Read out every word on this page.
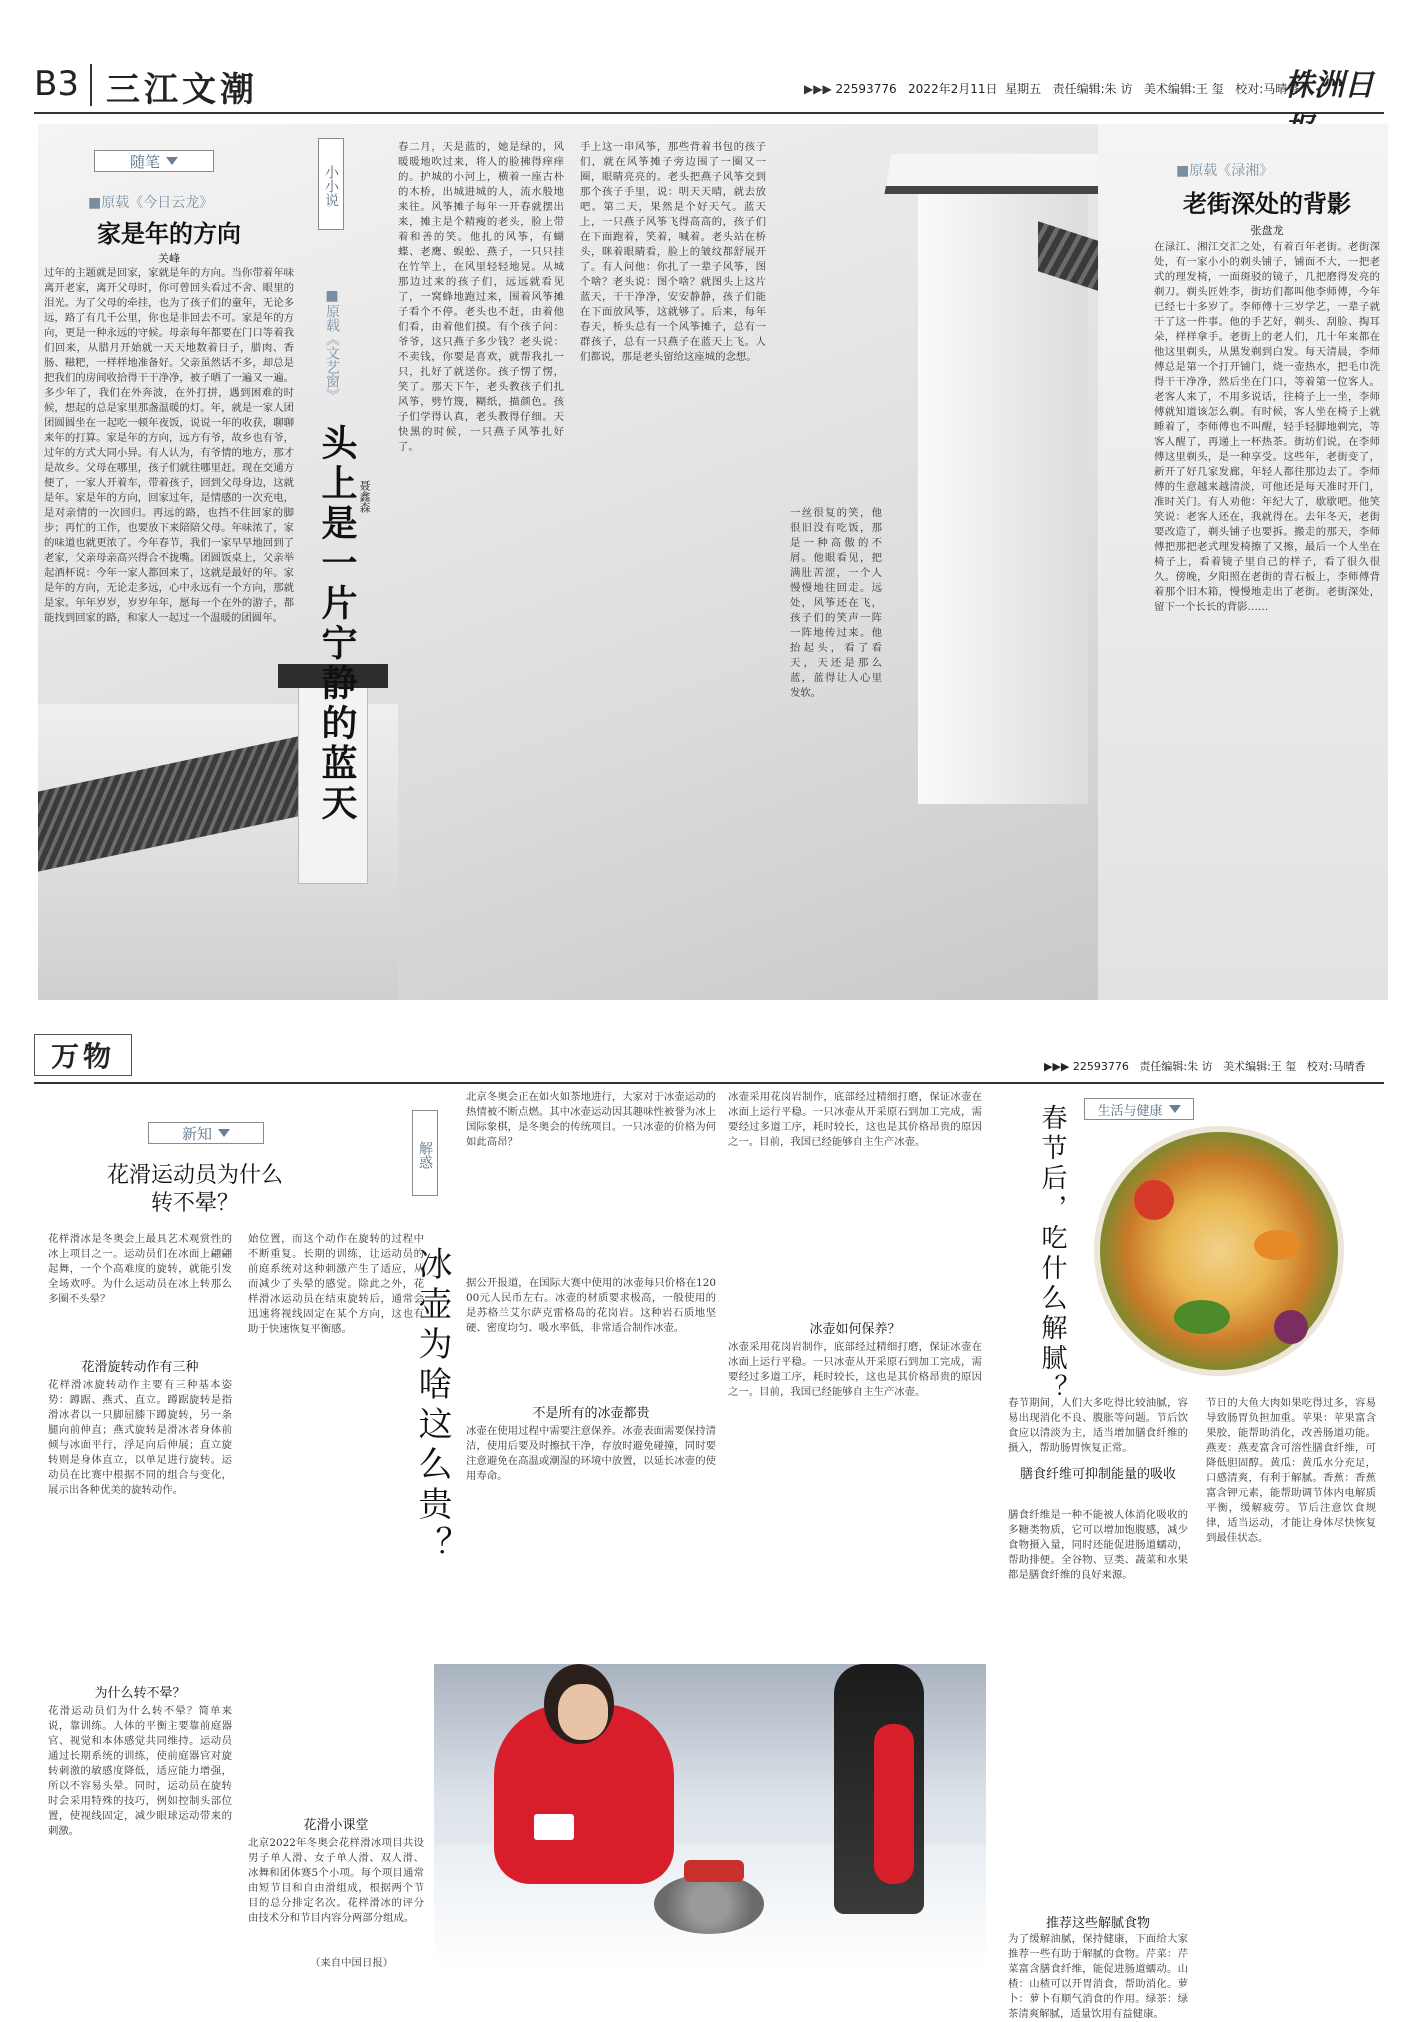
B3 三江文潮	▶▶▶ 22593776 2022年2月11日 星期五 责任编辑:朱 访 美术编辑:王 玺 校对:马晴香
株洲日
随笔
■原载《今日云龙》
家是年的方向
关峰
过年的主题就是回家，家就是年的方向。当你带着年味离开老家，离开父母时，你可曾回头看过不舍、眼里的泪光。为了父母的牵挂，也为了孩子们的童年，无论多远，路了有几千公里，你也是非回去不可。家是年的方向，更是一种永远的守候。母亲每年都要在门口等着我们回来，从腊月开始就一天天地数着日子，腊肉、香肠、糍粑，一样样地准备好。父亲虽然话不多，却总是把我们的房间收拾得干干净净，被子晒了一遍又一遍。多少年了，我们在外奔波，在外打拼，遇到困难的时候，想起的总是家里那盏温暖的灯。年，就是一家人团团圆圆坐在一起吃一顿年夜饭，说说一年的收获，聊聊来年的打算。家是年的方向，远方有爷，故乡也有爷，过年的方式大同小异。有人认为，有爷情的地方，那才是故乡。父母在哪里，孩子们就往哪里赶。现在交通方便了，一家人开着车，带着孩子，回到父母身边，这就是年。家是年的方向，回家过年，是情感的一次充电，是对亲情的一次回归。再远的路，也挡不住回家的脚步；再忙的工作，也要放下来陪陪父母。年味浓了，家的味道也就更浓了。今年春节，我们一家早早地回到了老家，父亲母亲高兴得合不拢嘴。团圆饭桌上，父亲举起酒杯说：今年一家人都回来了，这就是最好的年。家是年的方向，无论走多远，心中永远有一个方向，那就是家。年年岁岁，岁岁年年，愿每一个在外的游子，都能找到回家的路，和家人一起过一个温暖的团圆年。
小小说
■原载《文艺窗》
头上是一片宁静的蓝天 聂鑫森
春二月，天是蓝的，她是绿的，风暖暖地吹过来，将人的脸拂得痒痒的。护城的小河上，横着一座古朴的木桥，出城进城的人，流水般地来往。风筝摊子每年一开春就摆出来，摊主是个精瘦的老头，脸上带着和善的笑。他扎的风筝，有蝴蝶、老鹰、蜈蚣、燕子，一只只挂在竹竿上，在风里轻轻地晃。从城那边过来的孩子们，远远就看见了，一窝蜂地跑过来，围着风筝摊子看个不停。老头也不赶，由着他们看，由着他们摸。有个孩子问：爷爷，这只燕子多少钱？老头说：不卖钱，你要是喜欢，就帮我扎一只，扎好了就送你。孩子愣了愣，笑了。那天下午，老头教孩子们扎风筝，劈竹篾，糊纸，描颜色。孩子们学得认真，老头教得仔细。天快黑的时候，一只燕子风筝扎好了。
手上这一串风筝，那些背着书包的孩子们，就在风筝摊子旁边围了一圈又一圈，眼睛亮亮的。老头把燕子风筝交到那个孩子手里，说：明天天晴，就去放吧。第二天，果然是个好天气。蓝天上，一只燕子风筝飞得高高的，孩子们在下面跑着，笑着，喊着。老头站在桥头，眯着眼睛看，脸上的皱纹都舒展开了。有人问他：你扎了一辈子风筝，图个啥？老头说：图个啥？就图头上这片蓝天，干干净净，安安静静，孩子们能在下面放风筝，这就够了。后来，每年春天，桥头总有一个风筝摊子，总有一群孩子，总有一只燕子在蓝天上飞。人们都说，那是老头留给这座城的念想。
一丝很复的笑，他很旧没有吃饭，那是一种高傲的不屑。他眼看见，把满肚苦涩，一个人慢慢地往回走。远处，风筝还在飞，孩子们的笑声一阵一阵地传过来。他抬起头，看了看天，天还是那么蓝，蓝得让人心里发软。
■原载《渌湘》
老街深处的背影
张盘龙
在渌江、湘江交汇之处，有着百年老街。老街深处，有一家小小的剃头铺子，铺面不大，一把老式的理发椅，一面斑驳的镜子，几把磨得发亮的剃刀。剃头匠姓李，街坊们都叫他李师傅，今年已经七十多岁了。李师傅十三岁学艺，一辈子就干了这一件事。他的手艺好，剃头、刮脸、掏耳朵，样样拿手。老街上的老人们，几十年来都在他这里剃头，从黑发剃到白发。每天清晨，李师傅总是第一个打开铺门，烧一壶热水，把毛巾洗得干干净净，然后坐在门口，等着第一位客人。老客人来了，不用多说话，往椅子上一坐，李师傅就知道该怎么剃。有时候，客人坐在椅子上就睡着了，李师傅也不叫醒，轻手轻脚地剃完，等客人醒了，再递上一杯热茶。街坊们说，在李师傅这里剃头，是一种享受。这些年，老街变了，新开了好几家发廊，年轻人都往那边去了。李师傅的生意越来越清淡，可他还是每天准时开门，准时关门。有人劝他：年纪大了，歇歇吧。他笑笑说：老客人还在，我就得在。去年冬天，老街要改造了，剃头铺子也要拆。搬走的那天，李师傅把那把老式理发椅擦了又擦，最后一个人坐在椅子上，看着镜子里自己的样子，看了很久很久。傍晚，夕阳照在老街的青石板上，李师傅背着那个旧木箱，慢慢地走出了老街。老街深处，留下一个长长的背影……
万物	▶▶▶ 22593776 责任编辑:朱 访 美术编辑:王 玺 校对:马晴香
新知
花滑运动员为什么转不晕？
花样滑冰是冬奥会上最具艺术观赏性的冰上项目之一。运动员们在冰面上翩翩起舞，一个个高难度的旋转，就能引发全场欢呼。为什么运动员在冰上转那么多圈不头晕？
花滑旋转动作有三种
花样滑冰旋转动作主要有三种基本姿势：蹲踞、燕式、直立。蹲踞旋转是指滑冰者以一只脚屈膝下蹲旋转，另一条腿向前伸直；燕式旋转是滑冰者身体前倾与冰面平行，浮足向后伸展；直立旋转则是身体直立，以单足进行旋转。运动员在比赛中根据不同的组合与变化，展示出各种优美的旋转动作。
为什么转不晕？
花滑运动员们为什么转不晕？简单来说，靠训练。人体的平衡主要靠前庭器官、视觉和本体感觉共同维持。运动员通过长期系统的训练，使前庭器官对旋转刺激的敏感度降低，适应能力增强，所以不容易头晕。同时，运动员在旋转时会采用特殊的技巧，例如控制头部位置，使视线固定，减少眼球运动带来的刺激。
始位置，而这个动作在旋转的过程中不断重复。长期的训练，让运动员的前庭系统对这种刺激产生了适应，从而减少了头晕的感觉。除此之外，花样滑冰运动员在结束旋转后，通常会迅速将视线固定在某个方向，这也有助于快速恢复平衡感。
花滑小课堂
北京2022年冬奥会花样滑冰项目共设男子单人滑、女子单人滑、双人滑、冰舞和团体赛5个小项。每个项目通常由短节目和自由滑组成，根据两个节目的总分排定名次。花样滑冰的评分由技术分和节目内容分两部分组成。
（来自中国日报）
解惑
冰壶为啥这么贵？
北京冬奥会正在如火如荼地进行，大家对于冰壶运动的热情被不断点燃。其中冰壶运动因其趣味性被誉为冰上国际象棋，是冬奥会的传统项目。一只冰壶的价格为何如此高昂？
据公开报道，在国际大赛中使用的冰壶每只价格在12000元人民币左右。冰壶的材质要求极高，一般使用的是苏格兰艾尔萨克雷格岛的花岗岩。这种岩石质地坚硬、密度均匀、吸水率低，非常适合制作冰壶。
不是所有的冰壶都贵
冰壶在使用过程中需要注意保养。冰壶表面需要保持清洁，使用后要及时擦拭干净，存放时避免碰撞，同时要注意避免在高温或潮湿的环境中放置，以延长冰壶的使用寿命。
冰壶采用花岗岩制作，底部经过精细打磨，保证冰壶在冰面上运行平稳。一只冰壶从开采原石到加工完成，需要经过多道工序，耗时较长，这也是其价格昂贵的原因之一。目前，我国已经能够自主生产冰壶。
冰壶如何保养？
冰壶采用花岗岩制作，底部经过精细打磨，保证冰壶在冰面上运行平稳。一只冰壶从开采原石到加工完成，需要经过多道工序，耗时较长，这也是其价格昂贵的原因之一。目前，我国已经能够自主生产冰壶。	春节后，吃什么解腻？	生活与健康
春节期间，人们大多吃得比较油腻，容易出现消化不良、腹胀等问题。节后饮食应以清淡为主，适当增加膳食纤维的摄入，帮助肠胃恢复正常。
膳食纤维可抑制能量的吸收
膳食纤维是一种不能被人体消化吸收的多糖类物质，它可以增加饱腹感，减少食物摄入量，同时还能促进肠道蠕动，帮助排便。全谷物、豆类、蔬菜和水果都是膳食纤维的良好来源。
推荐这些解腻食物
为了缓解油腻，保持健康，下面给大家推荐一些有助于解腻的食物。芹菜：芹菜富含膳食纤维，能促进肠道蠕动。山楂：山楂可以开胃消食，帮助消化。萝卜：萝卜有顺气消食的作用。绿茶：绿茶清爽解腻，适量饮用有益健康。
节日的大鱼大肉如果吃得过多，容易导致肠胃负担加重。苹果：苹果富含果胶，能帮助消化，改善肠道功能。燕麦：燕麦富含可溶性膳食纤维，可降低胆固醇。黄瓜：黄瓜水分充足，口感清爽，有利于解腻。香蕉：香蕉富含钾元素，能帮助调节体内电解质平衡，缓解疲劳。节后注意饮食规律，适当运动，才能让身体尽快恢复到最佳状态。
